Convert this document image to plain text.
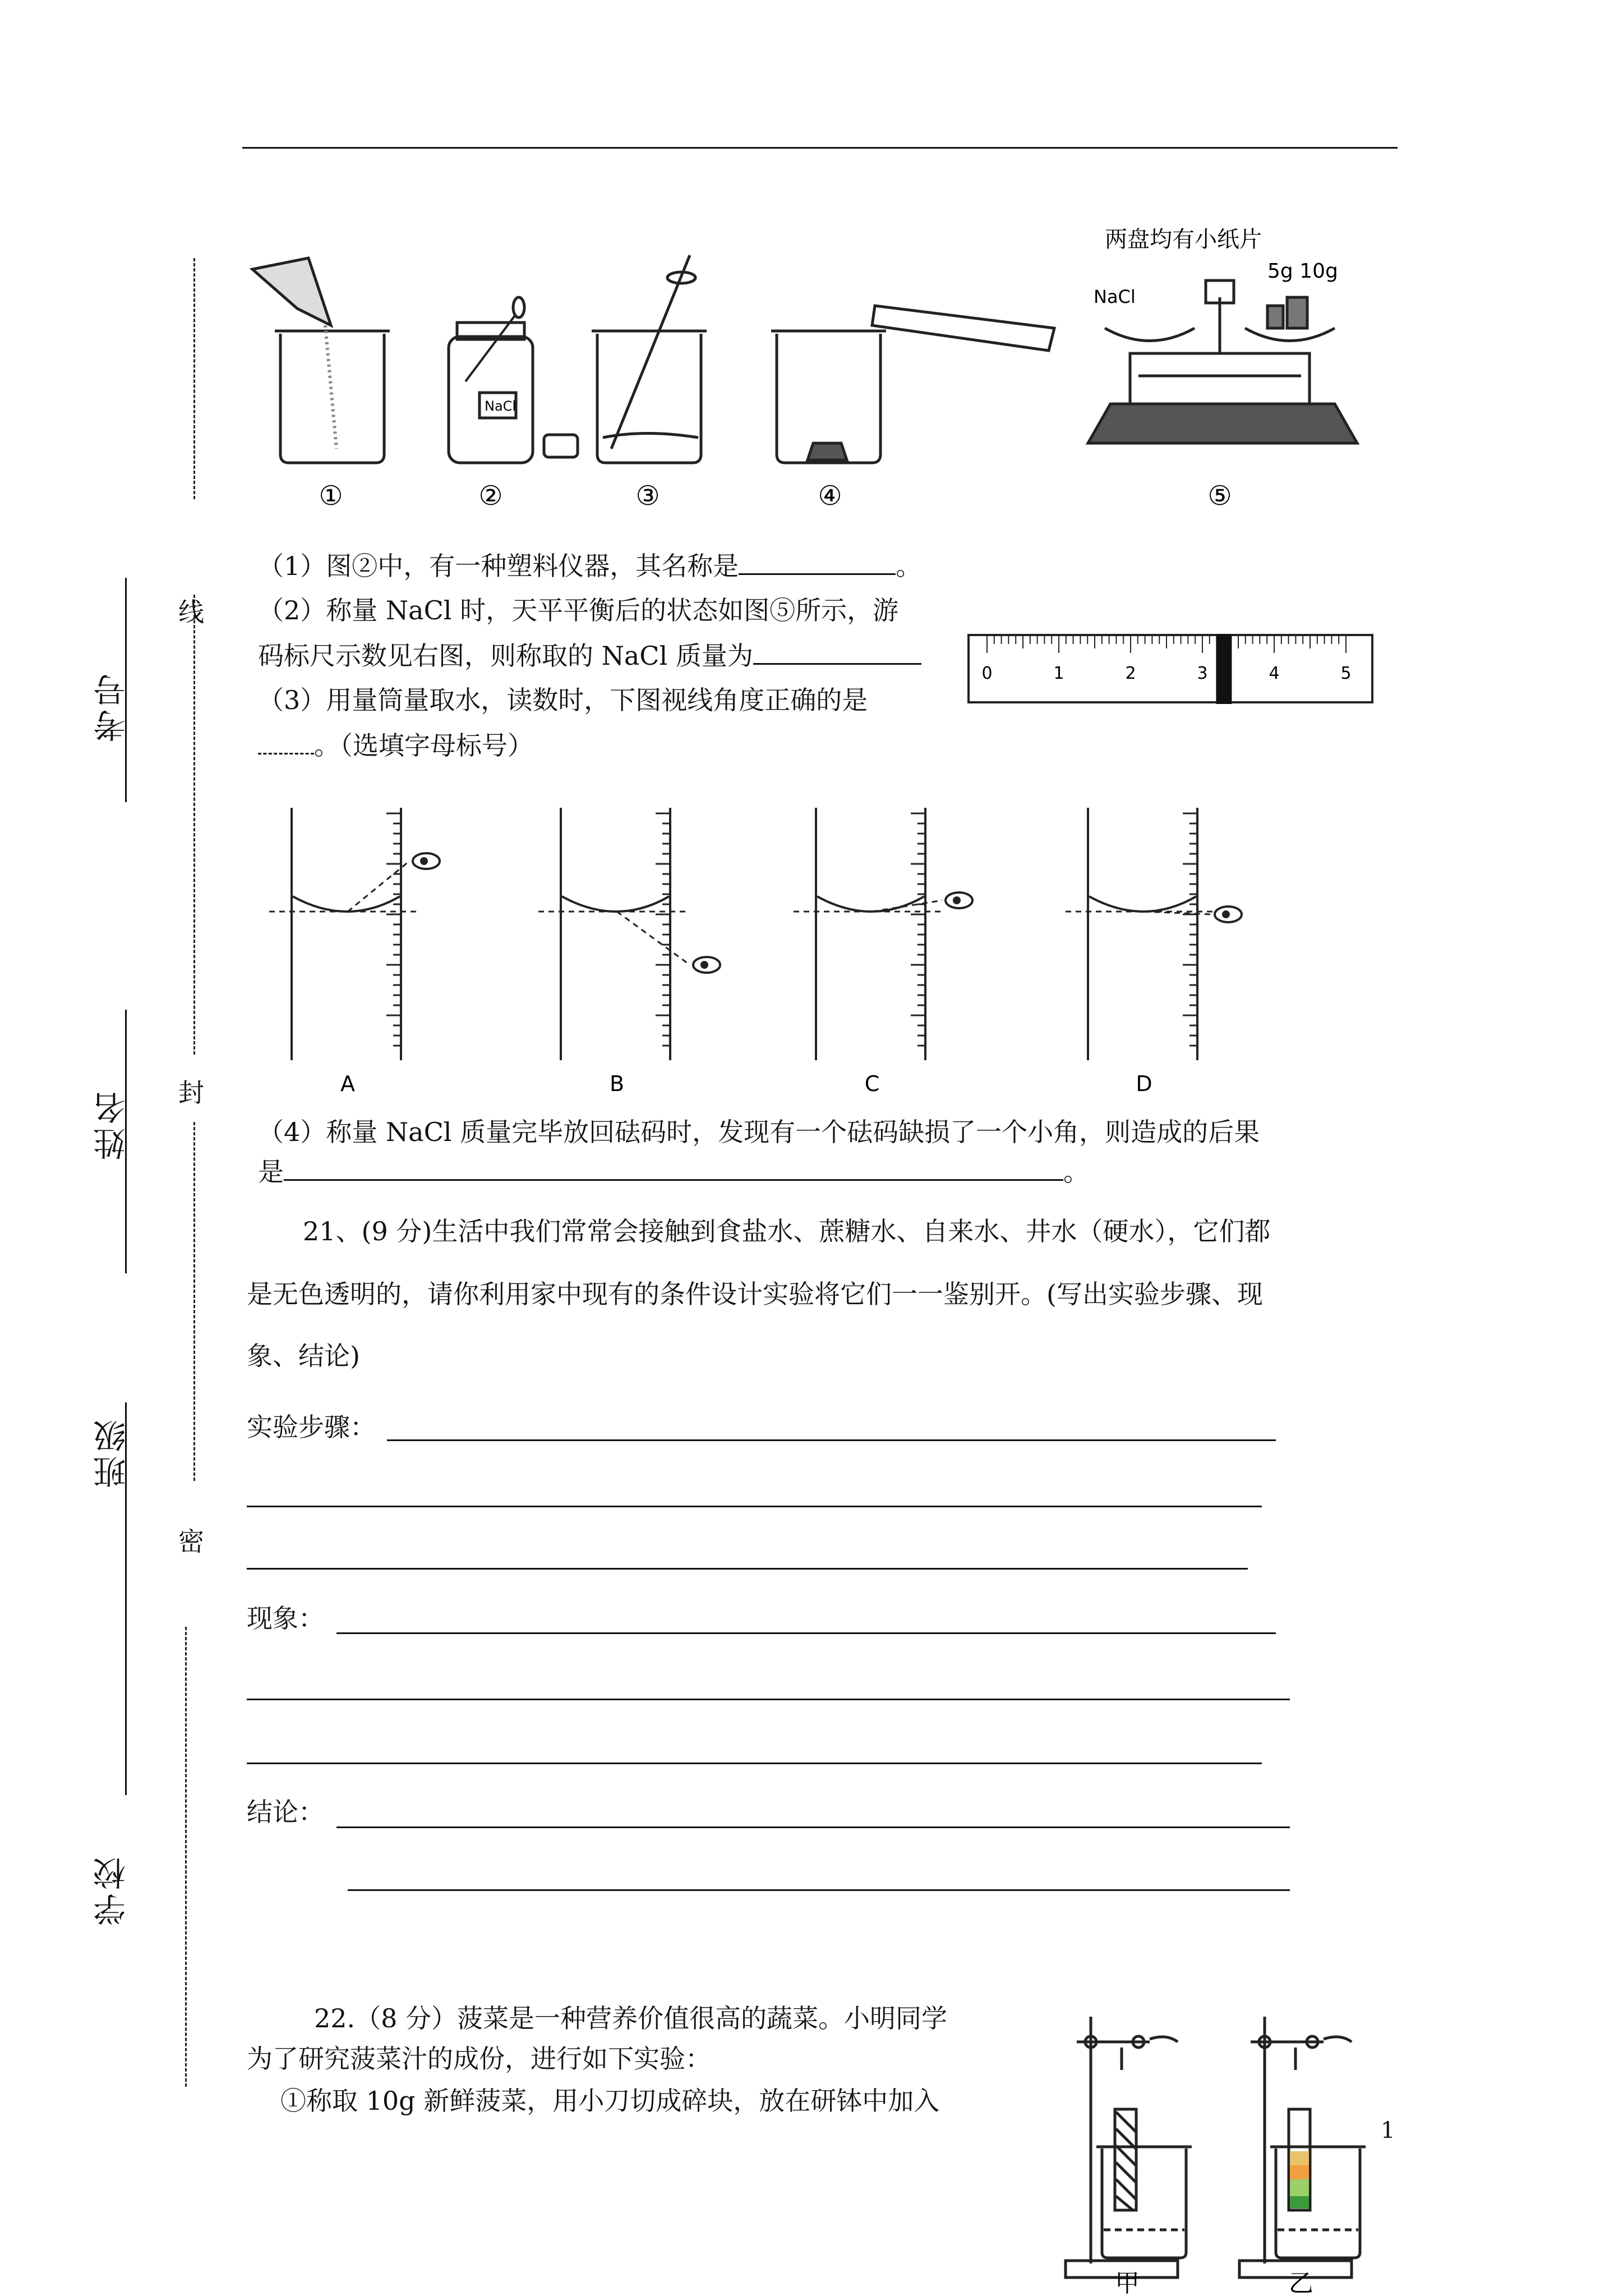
线
封
密
考号
姓名
班级
学校
NaCl
两盘均有小纸片
5g 10g
NaCl
①	②	③	④	⑤
（1）图②中，有一种塑料仪器，其名称是	。
（2）称量 NaCl 时，天平平衡后的状态如图⑤所示，游
码标尺示数见右图，则称取的 NaCl 质量为
（3）用量筒量取水，读数时，下图视线角度正确的是
。（选填字母标号）
0	1	2	3	4	5
A	B	C	D
（4）称量 NaCl 质量完毕放回砝码时，发现有一个砝码缺损了一个小角，则造成的后果
是	。
21、(9 分)生活中我们常常会接触到食盐水、蔗糖水、自来水、井水（硬水），它们都
是无色透明的，请你利用家中现有的条件设计实验将它们一一鉴别开。(写出实验步骤、现
象、结论)
实验步骤：
现象：
结论：
22.（8 分）菠菜是一种营养价值很高的蔬菜。小明同学
为了研究菠菜汁的成份，进行如下实验：
①称取 10g 新鲜菠菜，用小刀切成碎块，放在研钵中加入
甲	乙
1
